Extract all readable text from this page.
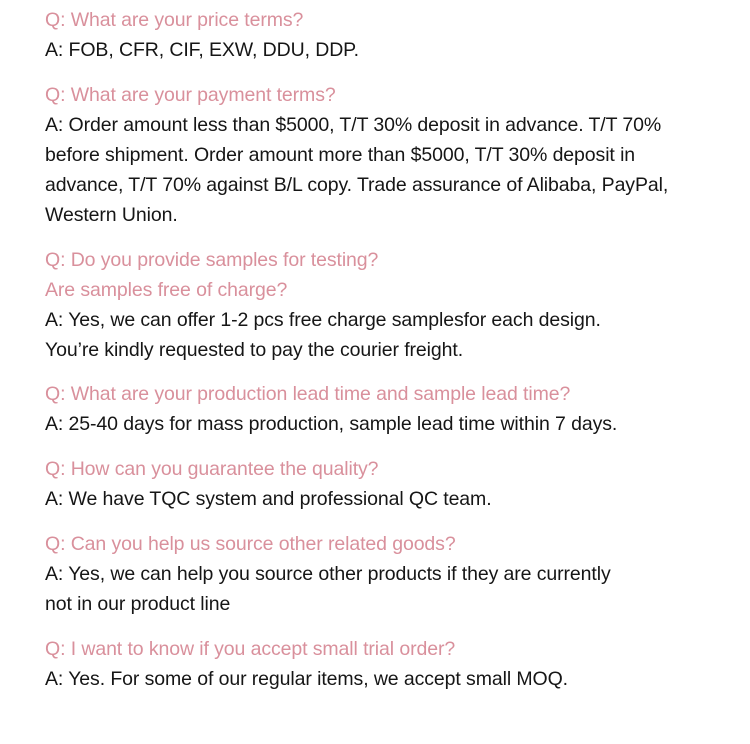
Q: What are your price terms?
A: FOB, CFR, CIF, EXW, DDU, DDP.
Q: What are your payment terms?
A: Order amount less than $5000, T/T 30% deposit in advance. T/T 70%
before shipment. Order amount more than $5000, T/T 30% deposit in
advance, T/T 70% against B/L copy. Trade assurance of Alibaba, PayPal,
Western Union.
Q: Do you provide samples for testing?
Are samples free of charge?
A: Yes, we can offer 1-2 pcs free charge samplesfor each design.
You’re kindly requested to pay the courier freight.
Q: What are your production lead time and sample lead time?
A: 25-40 days for mass production, sample lead time within 7 days.
Q: How can you guarantee the quality?
A: We have TQC system and professional QC team.
Q: Can you help us source other related goods?
A: Yes, we can help you source other products if they are currently
not in our product line
Q: I want to know if you accept small trial order?
A: Yes. For some of our regular items, we accept small MOQ.
